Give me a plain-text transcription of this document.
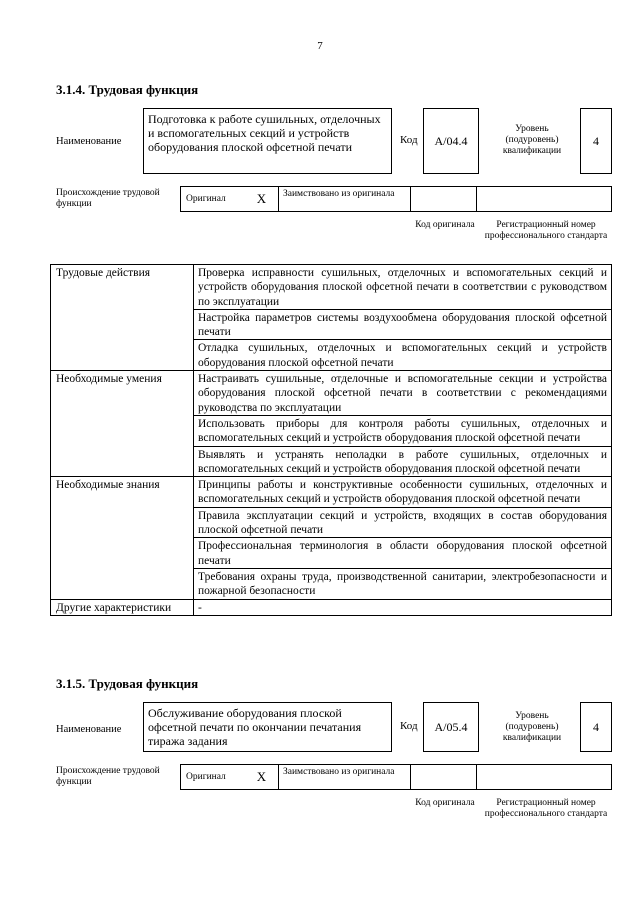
7
3.1.4. Трудовая функция
Наименование
Подготовка к работе сушильных, отделочных и вспомогательных секций и устройств оборудования плоской офсетной печати
Код А/04.4
Уровень (подуровень) квалификации
4
Происхождение трудовой функции
Оригинал	X	Заимствовано из оригинала
Код оригинала	Регистрационный номер профессионального стандарта
Трудовые действия	Проверка исправности сушильных, отделочных и вспомогательных секций и устройств оборудования плоской офсетной печати в соответствии с руководством по эксплуатации
	Настройка параметров системы воздухообмена оборудования плоской офсетной печати
	Отладка сушильных, отделочных и вспомогательных секций и устройств оборудования плоской офсетной печати
Необходимые умения	Настраивать сушильные, отделочные и вспомогательные секции и устройства оборудования плоской офсетной печати в соответствии с рекомендациями руководства по эксплуатации
	Использовать приборы для контроля работы сушильных, отделочных и вспомогательных секций и устройств оборудования плоской офсетной печати
	Выявлять и устранять неполадки в работе сушильных, отделочных и вспомогательных секций и устройств оборудования плоской офсетной печати
Необходимые знания	Принципы работы и конструктивные особенности сушильных, отделочных и вспомогательных секций и устройств оборудования плоской офсетной печати
	Правила эксплуатации секций и устройств, входящих в состав оборудования плоской офсетной печати
	Профессиональная терминология в области оборудования плоской офсетной печати
	Требования охраны труда, производственной санитарии, электробезопасности и пожарной безопасности
Другие характеристики	-
3.1.5. Трудовая функция
Наименование
Обслуживание оборудования плоской офсетной печати по окончании печатания тиража задания
Код А/05.4
Уровень (подуровень) квалификации
4
Происхождение трудовой функции
Оригинал	X	Заимствовано из оригинала
Код оригинала	Регистрационный номер профессионального стандарта
